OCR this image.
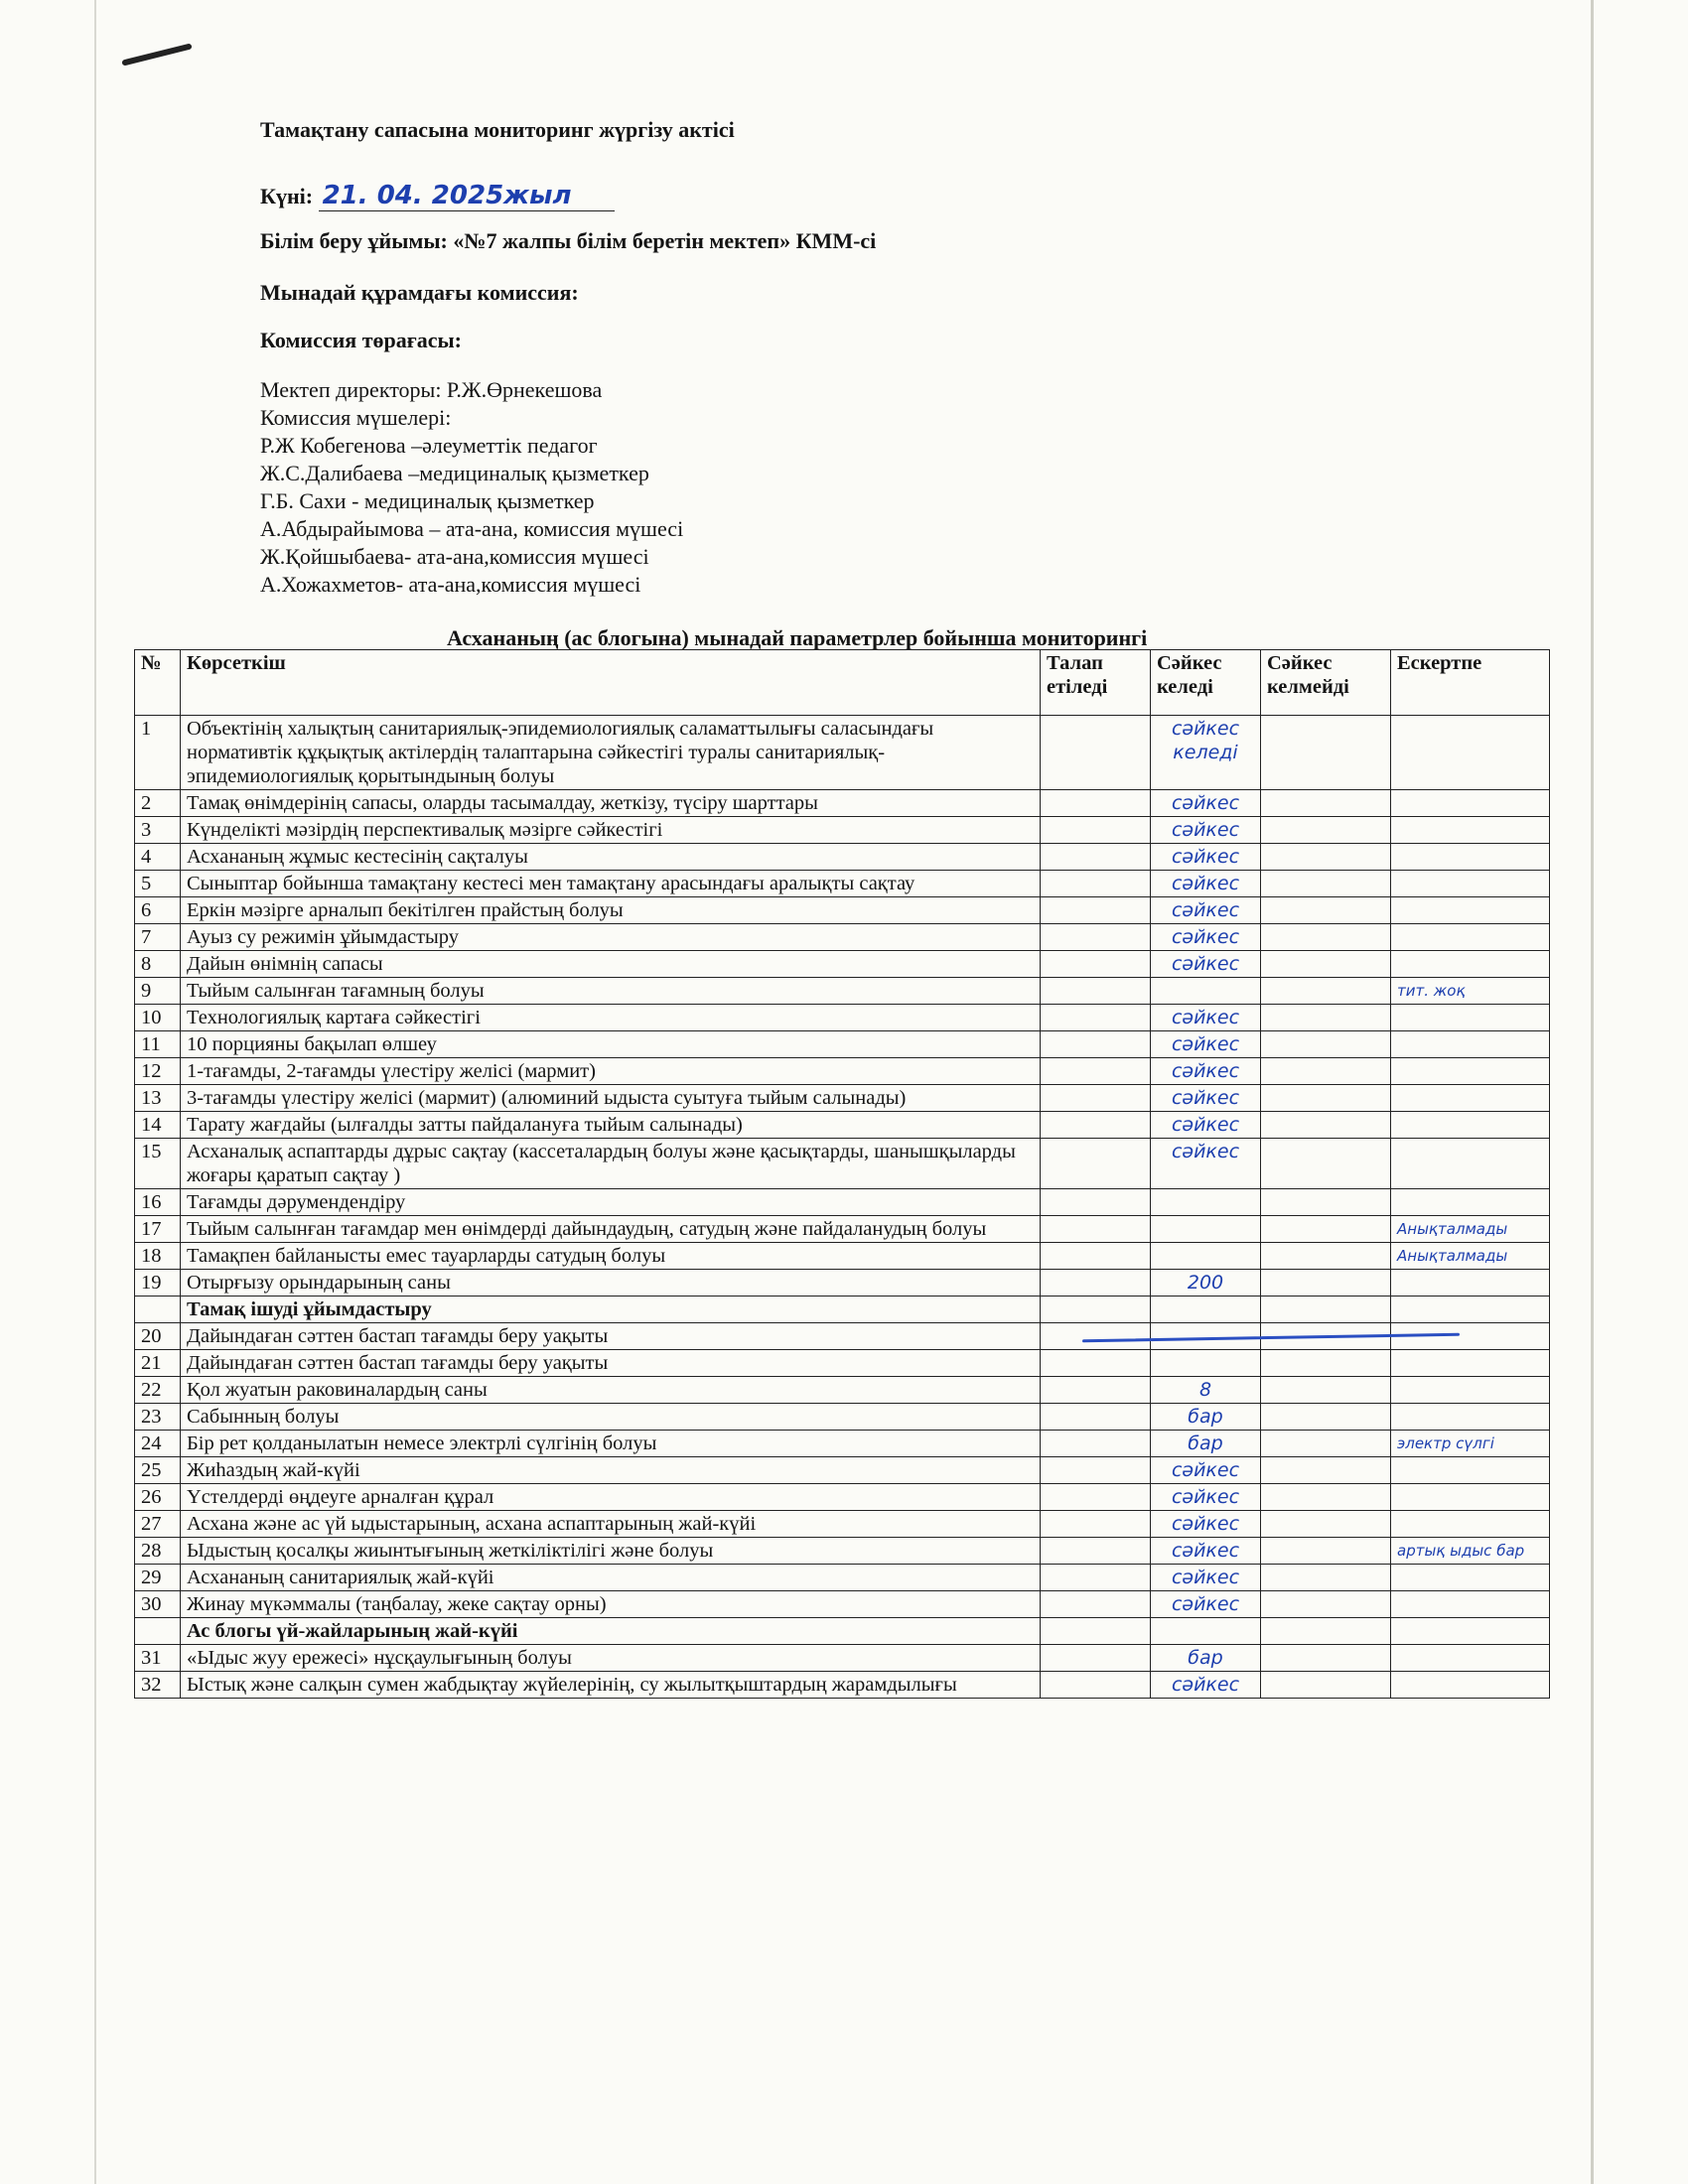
Тамақтану сапасына мониторинг жүргізу актісі
Күні: 21. 04. 2025жыл
Білім беру ұйымы: «№7 жалпы білім беретін мектеп» КММ-сі
Мынадай құрамдағы комиссия:
Комиссия төрағасы:
Мектеп директоры: Р.Ж.Өрнекешова
Комиссия мүшелері:
Р.Ж Кобегенова –әлеуметтік педагог
Ж.С.Далибаева –медициналық қызметкер
Г.Б. Сахи - медициналық қызметкер
А.Абдырайымова – ата-ана, комиссия мүшесі
Ж.Қойшыбаева- ата-ана,комиссия мүшесі
А.Хожахметов- ата-ана,комиссия мүшесі
Асхананың (ас блогына) мынадай параметрлер бойынша мониторингі
№	Көрсеткіш	Талап етіледі	Сәйкес келеді	Сәйкес келмейді	Ескертпе
1	Объектінің халықтың санитариялық-эпидемиологиялық саламаттылығы саласындағы нормативтік құқықтық актілердің талаптарына сәйкестігі туралы санитариялық-эпидемиологиялық қорытындының болуы		сәйкес келеді		
2	Тамақ өнімдерінің сапасы, оларды тасымалдау, жеткізу, түсіру шарттары		сәйкес		
3	Күнделікті мәзірдің перспективалық мәзірге сәйкестігі		сәйкес		
4	Асхананың жұмыс кестесінің сақталуы		сәйкес		
5	Сыныптар бойынша тамақтану кестесі мен тамақтану арасындағы аралықты сақтау		сәйкес		
6	Еркін мәзірге арналып бекітілген прайстың болуы		сәйкес		
7	Ауыз су режимін ұйымдастыру		сәйкес		
8	Дайын өнімнің сапасы		сәйкес		
9	Тыйым салынған тағамның болуы				тит. жоқ
10	Технологиялық картаға сәйкестігі		сәйкес		
11	10 порцияны бақылап өлшеу		сәйкес		
12	1-тағамды, 2-тағамды үлестіру желісі (мармит)		сәйкес		
13	3-тағамды үлестіру желісі (мармит) (алюминий ыдыста суытуға тыйым салынады)		сәйкес		
14	Тарату жағдайы (ылғалды затты пайдалануға тыйым салынады)		сәйкес		
15	Асханалық аспаптарды дұрыс сақтау (кассеталардың болуы және қасықтарды, шанышқыларды жоғары қаратып сақтау )		сәйкес		
16	Тағамды дәрумендендіру				
17	Тыйым салынған тағамдар мен өнімдерді дайындаудың, сатудың және пайдаланудың болуы				Анықталмады
18	Тамақпен байланысты емес тауарларды сатудың болуы				Анықталмады
19	Отырғызу орындарының саны		200		
	Тамақ ішуді ұйымдастыру				
20	Дайындаған сәттен бастап тағамды беру уақыты				
21	Дайындаған сәттен бастап тағамды беру уақыты				
22	Қол жуатын раковиналардың саны		8		
23	Сабынның болуы		бар		
24	Бір рет қолданылатын немесе электрлі сүлгінің болуы		бар		электр сүлгі
25	Жиһаздың жай-күйі		сәйкес		
26	Үстелдерді өңдеуге арналған құрал		сәйкес		
27	Асхана және ас үй ыдыстарының, асхана аспаптарының жай-күйі		сәйкес		
28	Ыдыстың қосалқы жиынтығының жеткіліктілігі және болуы		сәйкес		артық ыдыс бар
29	Асхананың санитариялық жай-күйі		сәйкес		
30	Жинау мүкәммалы (таңбалау, жеке сақтау орны)		сәйкес		
	Ас блогы үй-жайларының жай-күйі				
31	«Ыдыс жуу ережесі» нұсқаулығының болуы		бар		
32	Ыстық және салқын сумен жабдықтау жүйелерінің, су жылытқыштардың жарамдылығы		сәйкес		
